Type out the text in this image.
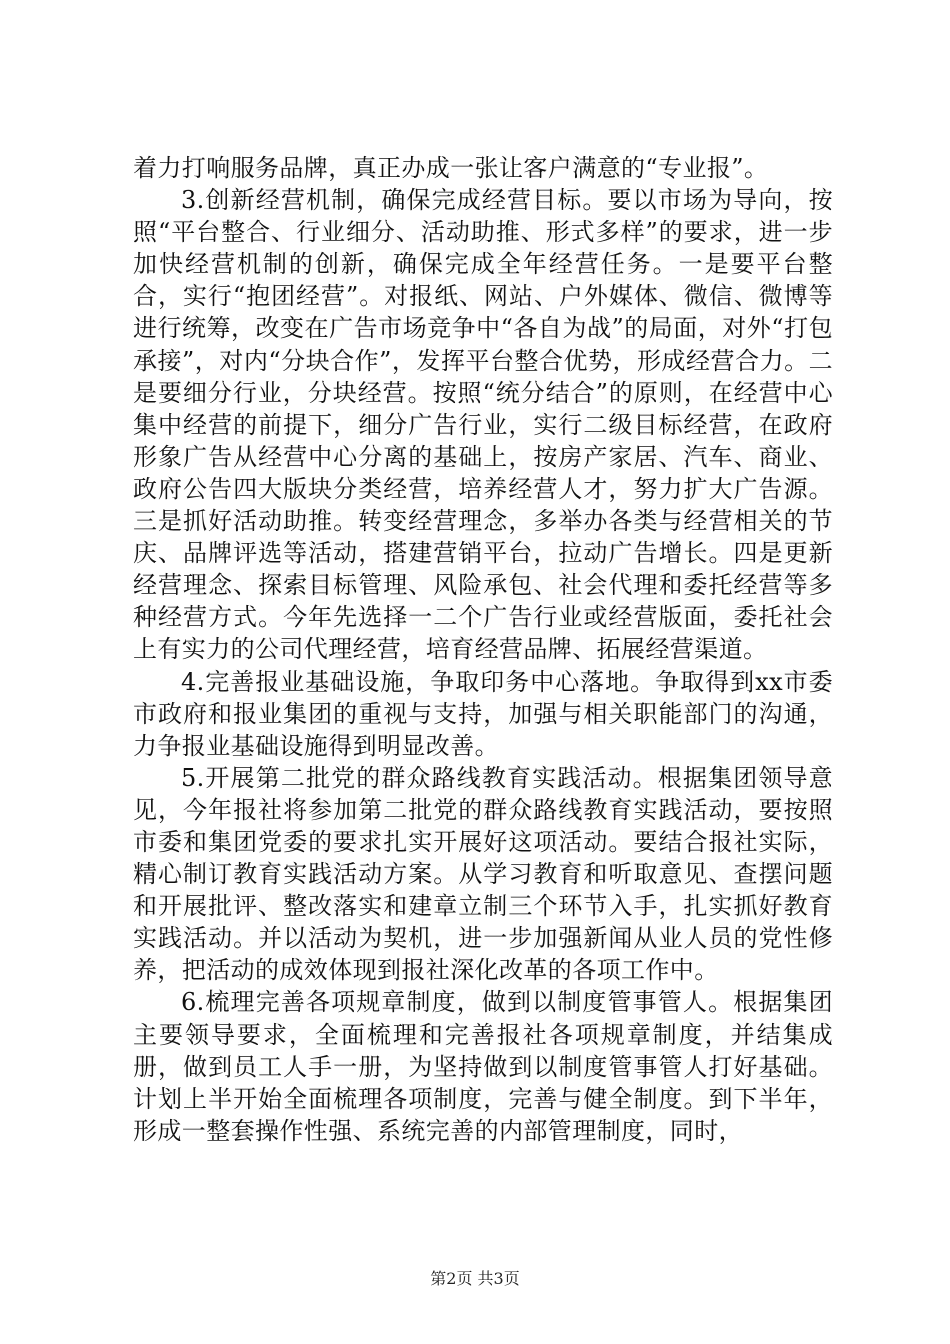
着力打响服务品牌，真正办成一张让客户满意的“专业报”。

3.创新经营机制，确保完成经营目标。要以市场为导向，按照“平台整合、行业细分、活动助推、形式多样”的要求，进一步加快经营机制的创新，确保完成全年经营任务。一是要平台整合，实行“抱团经营”。对报纸、网站、户外媒体、微信、微博等进行统筹，改变在广告市场竞争中“各自为战”的局面，对外“打包承接”，对内“分块合作”，发挥平台整合优势，形成经营合力。二是要细分行业，分块经营。按照“统分结合”的原则，在经营中心集中经营的前提下，细分广告行业，实行二级目标经营，在政府形象广告从经营中心分离的基础上，按房产家居、汽车、商业、政府公告四大版块分类经营，培养经营人才，努力扩大广告源。三是抓好活动助推。转变经营理念，多举办各类与经营相关的节庆、品牌评选等活动，搭建营销平台，拉动广告增长。四是更新经营理念、探索目标管理、风险承包、社会代理和委托经营等多种经营方式。今年先选择一二个广告行业或经营版面，委托社会上有实力的公司代理经营，培育经营品牌、拓展经营渠道。

4.完善报业基础设施，争取印务中心落地。争取得到xx市委市政府和报业集团的重视与支持，加强与相关职能部门的沟通，力争报业基础设施得到明显改善。

5.开展第二批党的群众路线教育实践活动。根据集团领导意见，今年报社将参加第二批党的群众路线教育实践活动，要按照市委和集团党委的要求扎实开展好这项活动。要结合报社实际，精心制订教育实践活动方案。从学习教育和听取意见、查摆问题和开展批评、整改落实和建章立制三个环节入手，扎实抓好教育实践活动。并以活动为契机，进一步加强新闻从业人员的党性修养，把活动的成效体现到报社深化改革的各项工作中。

6.梳理完善各项规章制度，做到以制度管事管人。根据集团主要领导要求，全面梳理和完善报社各项规章制度，并结集成册，做到员工人手一册，为坚持做到以制度管事管人打好基础。计划上半开始全面梳理各项制度，完善与健全制度。到下半年，形成一整套操作性强、系统完善的内部管理制度，同时，

第2页 共3页
